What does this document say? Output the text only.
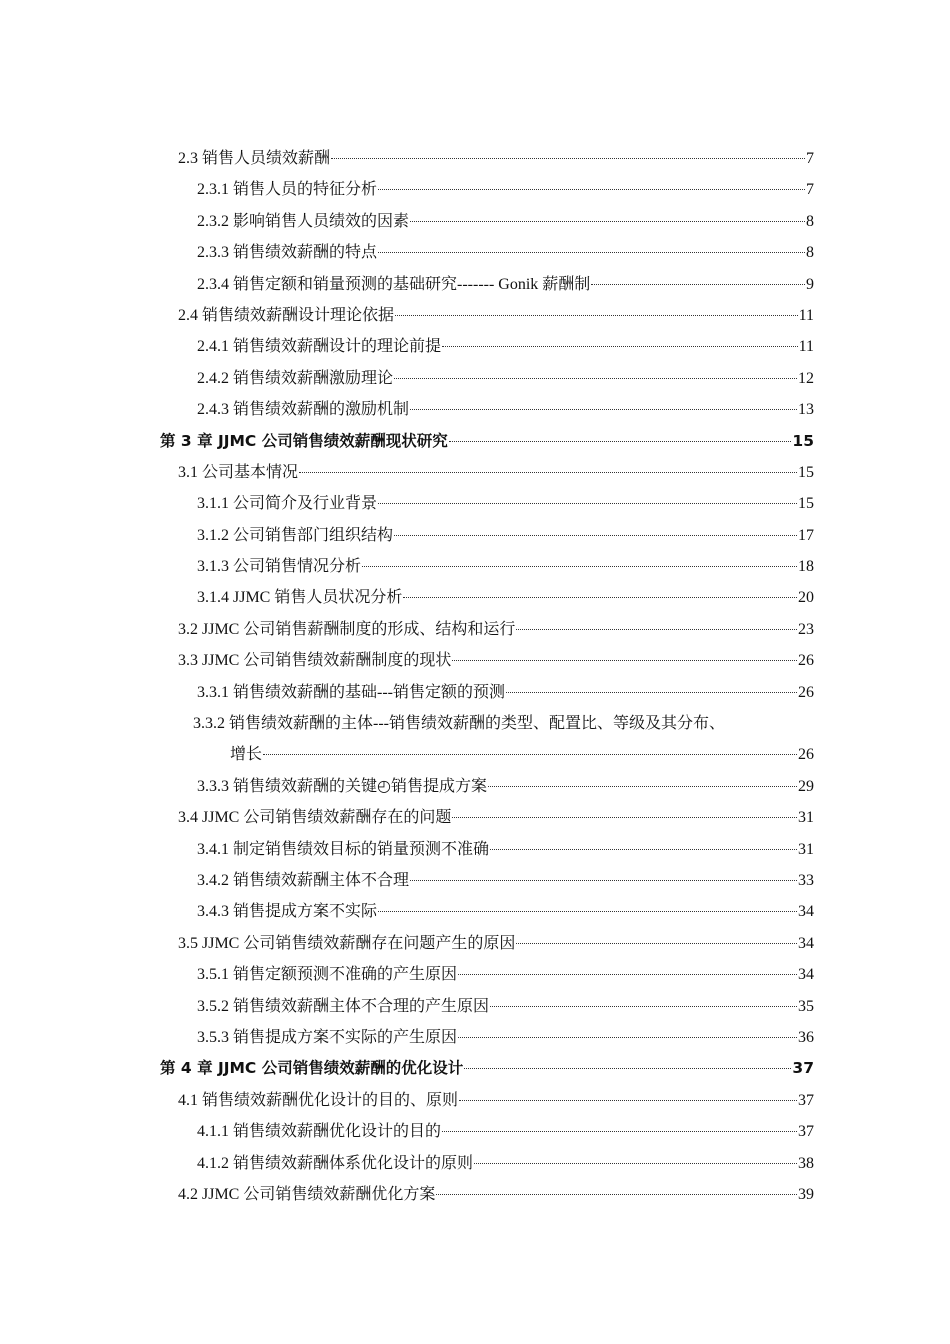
2.3 销售人员绩效薪酬	7
2.3.1 销售人员的特征分析	7
2.3.2 影响销售人员绩效的因素	8
2.3.3 销售绩效薪酬的特点	8
2.3.4 销售定额和销量预测的基础研究------- Gonik 薪酬制	9
2.4 销售绩效薪酬设计理论依据	11
2.4.1 销售绩效薪酬设计的理论前提	11
2.4.2 销售绩效薪酬激励理论	12
2.4.3 销售绩效薪酬的激励机制	13
第 3 章 JJMC 公司销售绩效薪酬现状研究	15
3.1 公司基本情况	15
3.1.1 公司简介及行业背景	15
3.1.2 公司销售部门组织结构	17
3.1.3 公司销售情况分析	18
3.1.4 JJMC 销售人员状况分析	20
3.2 JJMC 公司销售薪酬制度的形成、结构和运行	23
3.3 JJMC 公司销售绩效薪酬制度的现状	26
3.3.1 销售绩效薪酬的基础---销售定额的预测	26
3.3.2 销售绩效薪酬的主体---销售绩效薪酬的类型、配置比、等级及其分布、
增长	26
3.3.3 销售绩效薪酬的关键◴销售提成方案	29
3.4 JJMC 公司销售绩效薪酬存在的问题	31
3.4.1 制定销售绩效目标的销量预测不准确	31
3.4.2 销售绩效薪酬主体不合理	33
3.4.3 销售提成方案不实际	34
3.5 JJMC 公司销售绩效薪酬存在问题产生的原因	34
3.5.1 销售定额预测不准确的产生原因	34
3.5.2 销售绩效薪酬主体不合理的产生原因	35
3.5.3 销售提成方案不实际的产生原因	36
第 4 章 JJMC 公司销售绩效薪酬的优化设计	37
4.1 销售绩效薪酬优化设计的目的、原则	37
4.1.1 销售绩效薪酬优化设计的目的	37
4.1.2 销售绩效薪酬体系优化设计的原则	38
4.2 JJMC 公司销售绩效薪酬优化方案	39
